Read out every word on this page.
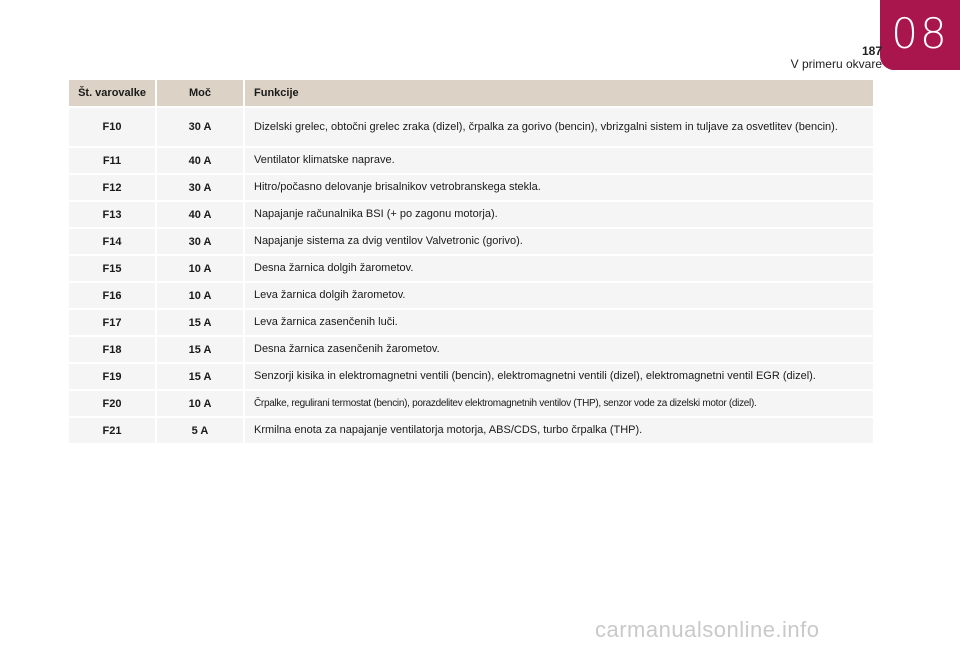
08
187
V primeru okvare
Št. varovalke	Moč	Funkcije
F10	30 A	Dizelski grelec, obtočni grelec zraka (dizel), črpalka za gorivo (bencin), vbrizgalni sistem in tuljave za osvetlitev (bencin).
F11	40 A	Ventilator klimatske naprave.
F12	30 A	Hitro/počasno delovanje brisalnikov vetrobranskega stekla.
F13	40 A	Napajanje računalnika BSI (+ po zagonu motorja).
F14	30 A	Napajanje sistema za dvig ventilov Valvetronic (gorivo).
F15	10 A	Desna žarnica dolgih žarometov.
F16	10 A	Leva žarnica dolgih žarometov.
F17	15 A	Leva žarnica zasenčenih luči.
F18	15 A	Desna žarnica zasenčenih žarometov.
F19	15 A	Senzorji kisika in elektromagnetni ventili (bencin), elektromagnetni ventili (dizel), elektromagnetni ventil EGR (dizel).
F20	10 A	Črpalke, regulirani termostat (bencin), porazdelitev elektromagnetnih ventilov (THP), senzor vode za dizelski motor (dizel).
F21	5 A	Krmilna enota za napajanje ventilatorja motorja, ABS/CDS, turbo črpalka (THP).
carmanualsonline.info
